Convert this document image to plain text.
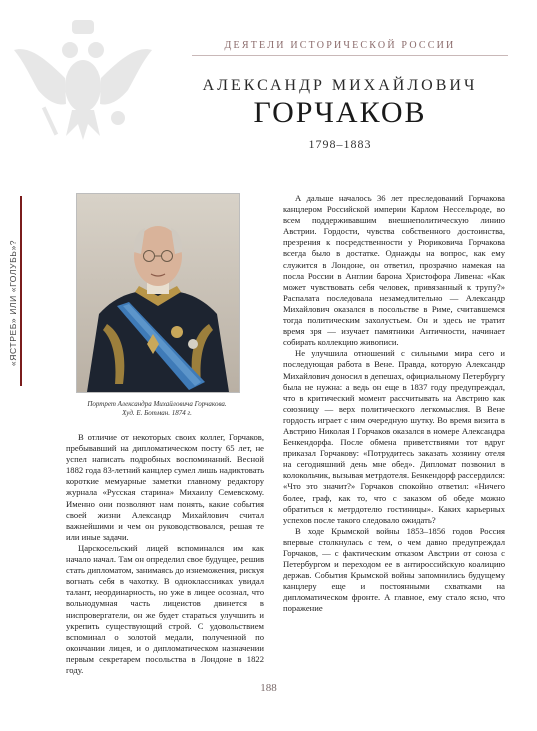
ДЕЯТЕЛИ ИСТОРИЧЕСКОЙ РОССИИ
АЛЕКСАНДР МИХАЙЛОВИЧ
ГОРЧАКОВ
1798–1883
«ЯСТРЕБ» ИЛИ «ГОЛУБЬ»?
Портрет Александра Михайловича Горчакова.
Худ. Е. Ботман. 1874 г.

В отличие от некоторых своих коллег, Горчаков, пребывавший на дипломатическом посту 65 лет, не успел написать подробных воспоминаний. Весной 1882 года 83-летний канцлер сумел лишь надиктовать короткие мемуарные заметки главному редактору журнала «Русская старина» Михаилу Семевскому. Именно они позволяют нам понять, какие события своей жизни Александр Михайлович считал важнейшими и чем он руководствовался, решая те или иные задачи.

Царскосельский лицей вспоминался им как начало начал. Там он определил свое будущее, решив стать дипломатом, занимаясь до изнеможения, рискуя вогнать себя в чахотку. В одноклассниках увидал талант, неординарность, но уже в лицее осознал, что вольнодумная часть лицеистов двинется в ниспровергатели, он же будет стараться улучшить и укрепить существующий строй. С удовольствием вспоминал о золотой медали, полученной по окончании лицея, и о дипломатическом назначении первым секретарем посольства в Лондоне в 1822 году.

А дальше началось 36 лет преследований Горчакова канцлером Российской империи Карлом Нессельроде, во всем поддерживавшим внешнеполитическую линию Австрии. Гордости, чувства собственного достоинства, презрения к посредственности у Рюриковича Горчакова всегда было в достатке. Однажды на вопрос, как ему служится в Лондоне, он ответил, прозрачно намекая на посла России в Англии барона Христофора Ливена: «Как может чувствовать себя человек, привязанный к трупу?» Распалата последовала незамедлительно — Александр Михайлович оказался в посольстве в Риме, считавшемся тогда политическим захолустьем. Он и здесь не тратит время зря — изучает памятники Античности, начинает собирать коллекцию живописи.

Не улучшила отношений с сильными мира сего и последующая работа в Вене. Правда, которую Александр Михайлович доносил в депешах, официальному Петербургу была не нужна: а ведь он еще в 1837 году предупреждал, что в критический момент рассчитывать на Австрию как союзницу — верх политического легкомыслия. В Вене гордость играет с ним очередную шутку. Во время визита в Австрию Николая I Горчаков оказался в номере Александра Бенкендорфа. После обмена приветствиями тот вдруг приказал Горчакову: «Потрудитесь заказать хозяину отеля на сегодняшний день мне обед». Дипломат позвонил в колокольчик, вызывая метрдотеля. Бенкендорф рассердился: «Что это значит?» Горчаков спокойно ответил: «Ничего более, граф, как то, что с заказом об обеде можно обратиться к метрдотелю гостиницы». Каких карьерных успехов после такого следовало ожидать?

В ходе Крымской войны 1853–1856 годов Россия впервые столкнулась с тем, о чем давно предупреждал Горчаков, — с фактическим отказом Австрии от союза с Петербургом и переходом ее в антироссийскую коалицию держав. События Крымской войны запомнились будущему канцлеру еще и постоянными схватками на дипломатическом фронте. А главное, ему стало ясно, что поражение

188
